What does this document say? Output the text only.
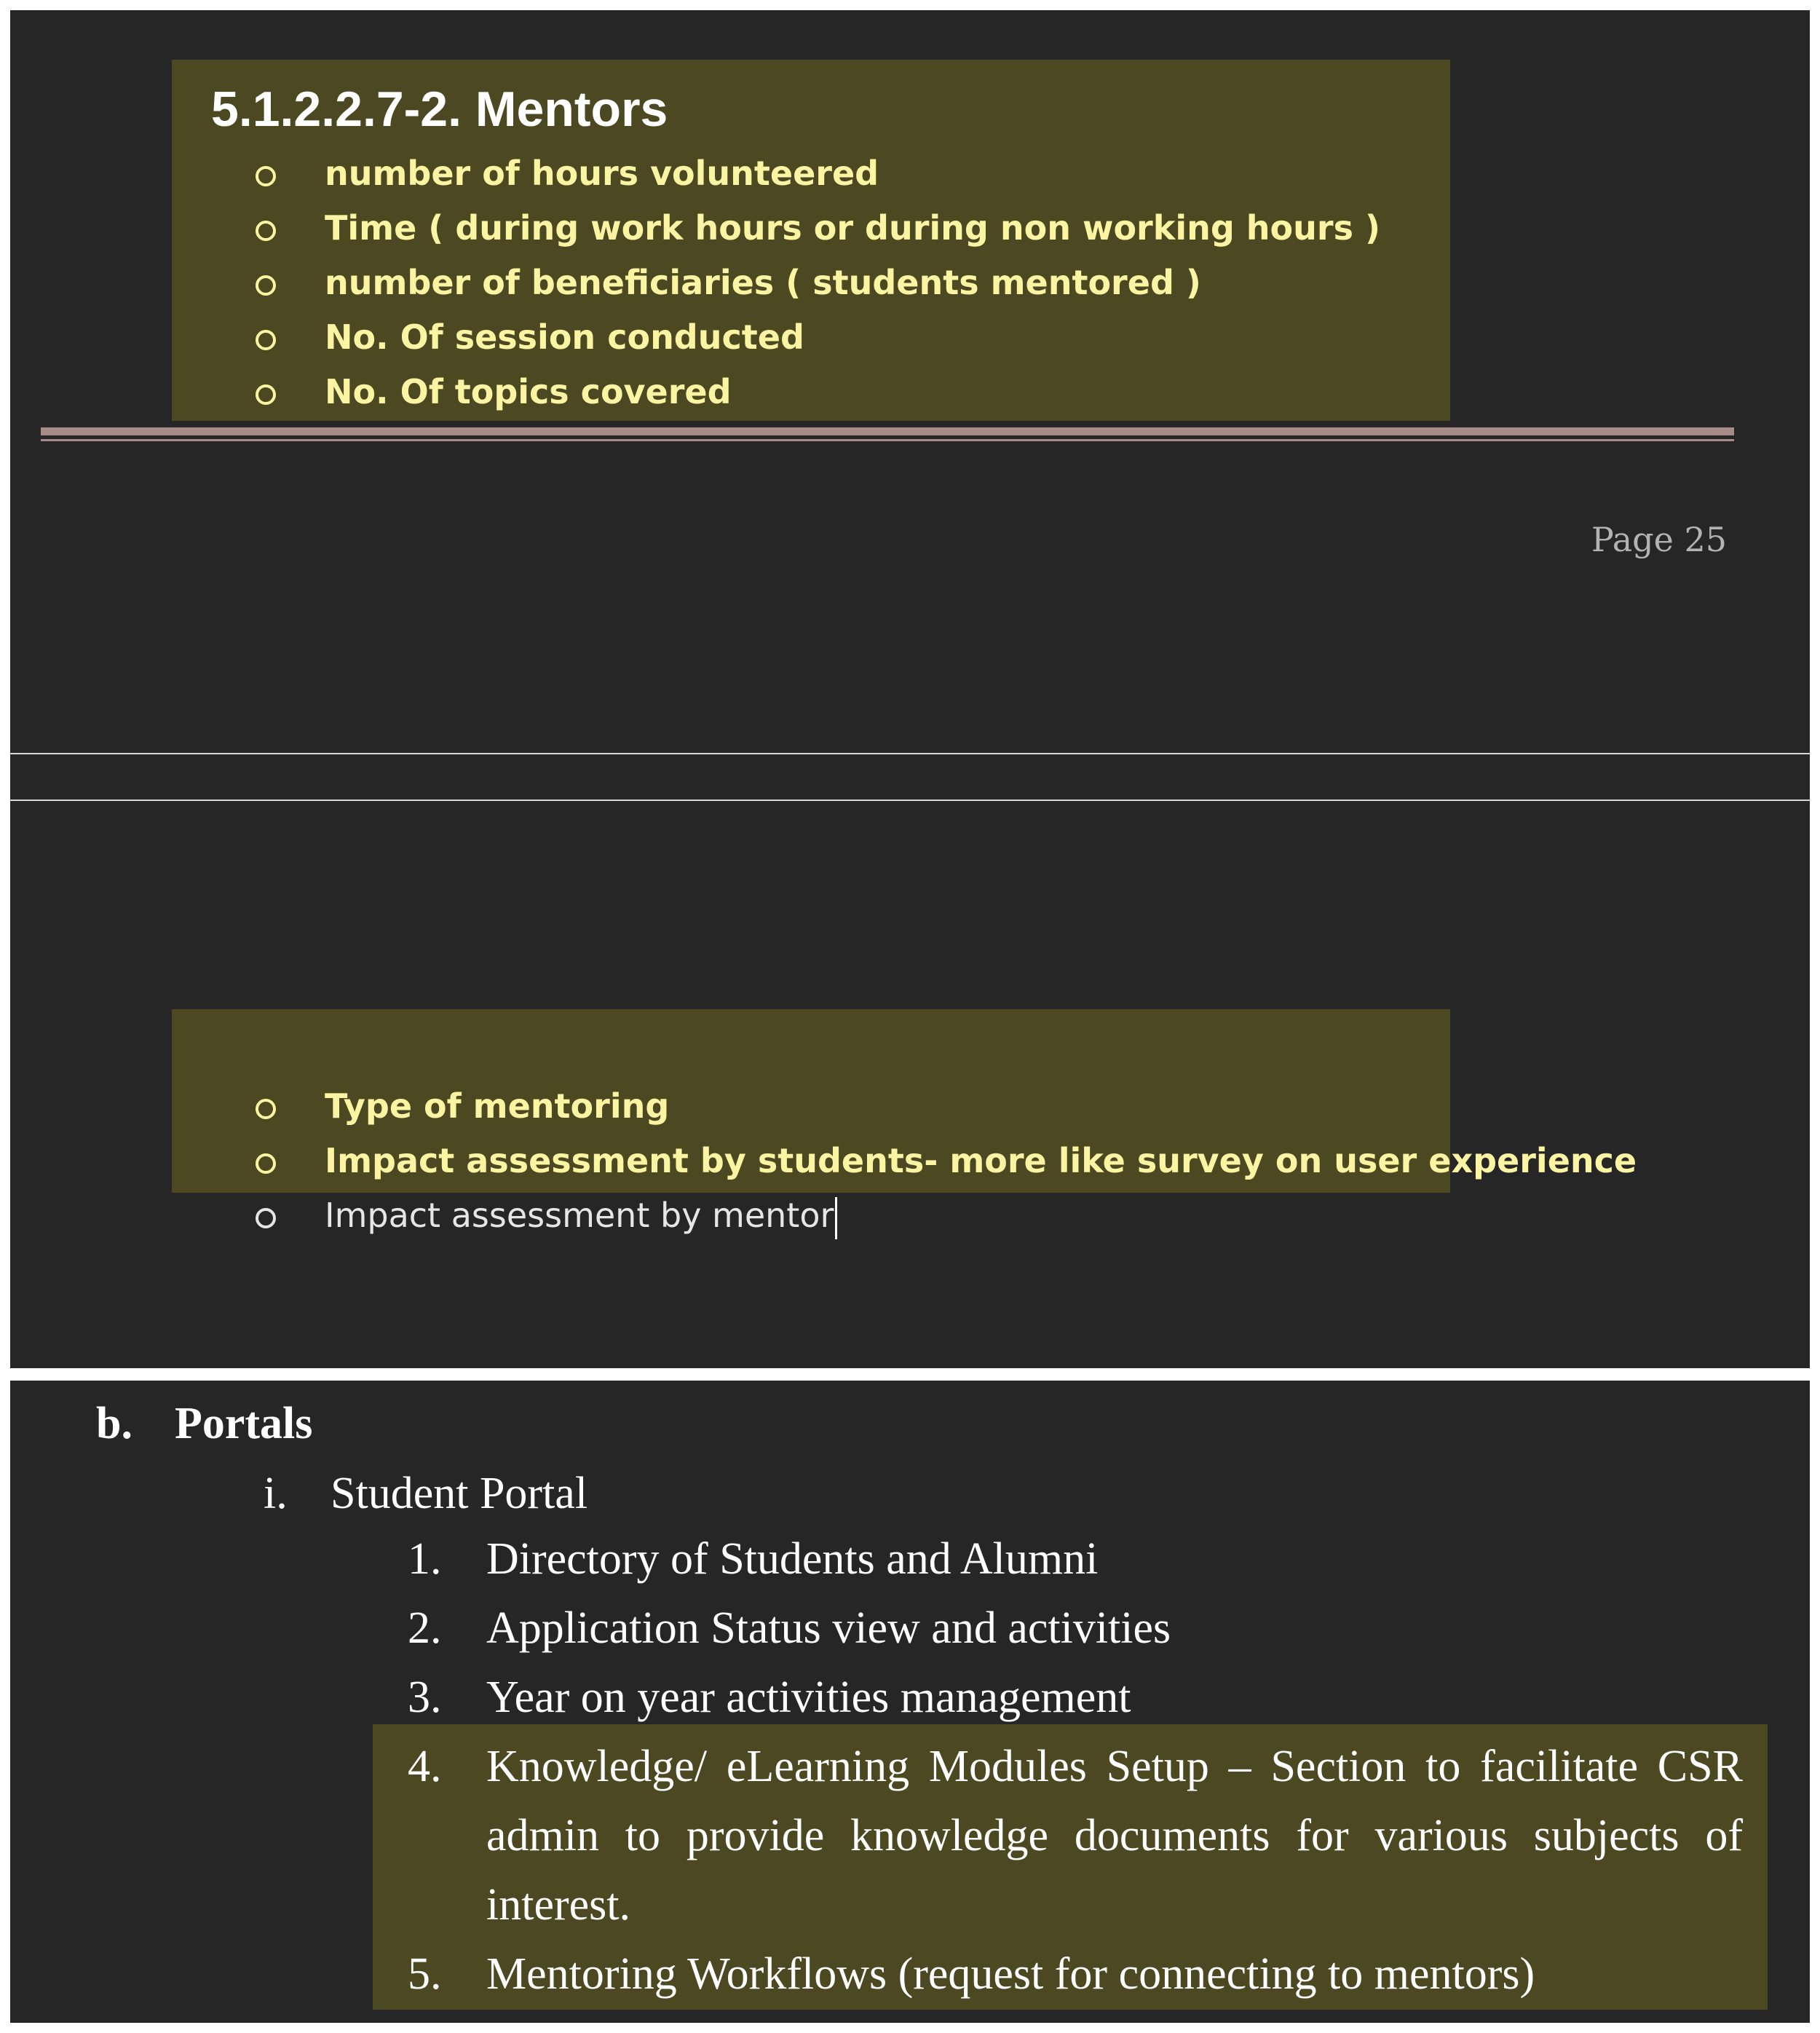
5.1.2.2.7-2. Mentors
number of hours volunteered
Time ( during work hours or during non working hours )
number of beneficiaries ( students mentored )
No. Of session conducted
No. Of topics covered
Page 25
Type of mentoring
Impact assessment by students- more like survey on user experience
Impact assessment by mentor
b. Portals
i. Student Portal
1. Directory of Students and Alumni
2. Application Status view and activities
3. Year on year activities management
4. Knowledge/ eLearning Modules Setup – Section to facilitate CSR admin to provide knowledge documents for various subjects of interest.
5. Mentoring Workflows (request for connecting to mentors)
